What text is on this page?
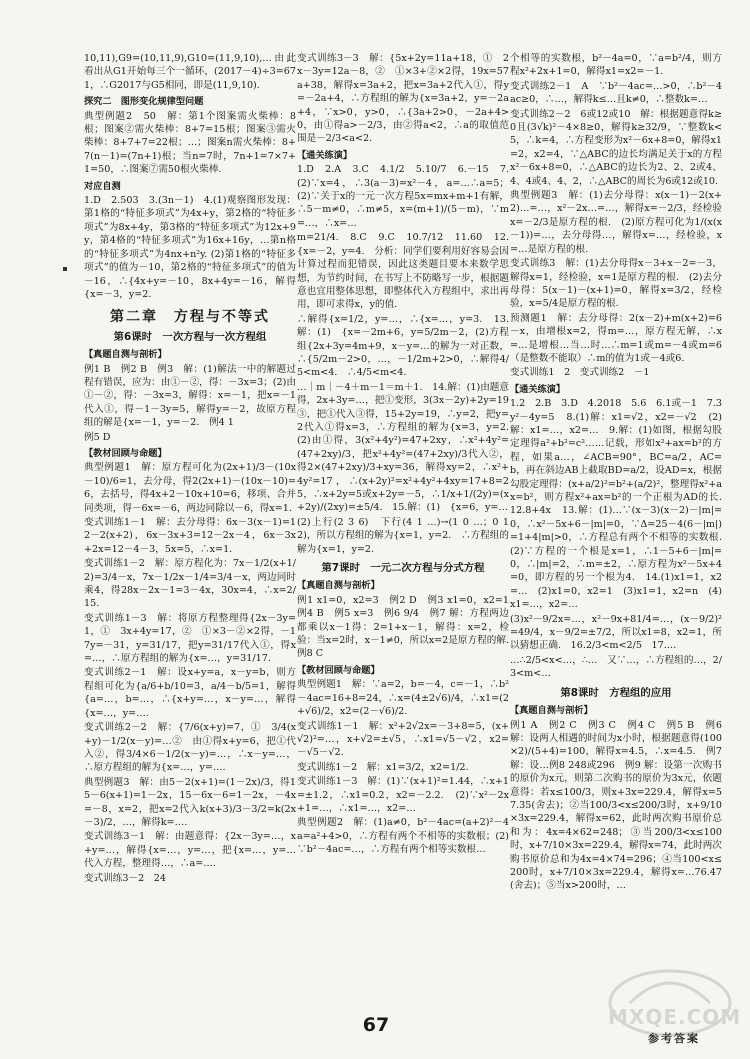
10,11),G9=(10,11,9),G10=(11,9,10),…由此看出从G1开始每三个一循环，(2017－4)÷3=671，∴G2017与G5相同，即是(11,9,10).

探究二　图形变化规律型问题

典型例题2　50　解：第1个图案需火柴棒：8根；图案②需火柴棒：8+7=15根；图案③需火柴棒：8+7+7=22根；…；图案n需火柴棒：8+7(n－1)=(7n+1)根；当n=7时，7n+1=7×7+1=50，∴图案⑦需50根火柴棒.

对应自测

1.D　2.503　3.(3n－1)　4.(1)观察图形发现：第1格的“特征多项式”为4x+y，第2格的“特征多项式”为8x+4y，第3格的“特征多项式”为12x+9y，第4格的“特征多项式”为16x+16y，…第n格的“特征多项式”为4nx+n²y. (2)第1格的“特征多项式”的值为－10，第2格的“特征多项式”的值为－16，∴{4x+y=－10，8x+4y=－16，解得{x=－3，y=2.

第二章　方程与不等式

第6课时　一次方程与一次方程组

【真题自测与剖析】

例1 B　例2 B　例3　解：(1)解法一中的解题过程有错误，应为：由①－②，得：－3x=3；(2)由①－②，得：－3x=3，解得：x=－1，把x=－1代入①，得－1－3y=5，解得y=－2，故原方程组的解是{x=－1，y=－2.　例4 1

例5 D

【教材回顾与命题】

典型例题1　解：原方程可化为(2x+1)/3－(10x－10)/6=1，去分母，得2(2x+1)－(10x－10)=6，去括号，得4x+2－10x+10=6，移项、合并同类项，得－6x=－6，两边同除以－6，得x=1.

变式训练1－1　解：去分母得：6x－3(x－1)=12－2(x+2)，6x－3x+3=12－2x－4，6x－3x+2x=12－4－3，5x=5，∴x=1.

变式训练1－2　解：原方程化为：7x－1/2(x+1/2)=3/4－x，7x－1/2x－1/4=3/4－x，两边同时乘4，得28x－2x－1=3－4x，30x=4，∴x=2/15.

变式训练1－3　解：将原方程整理得{2x－3y=1，①　3x+4y=17，②　①×3－②×2得，－17y=－31，y=31/17，把y=31/17代入①，得x=…，∴原方程组的解为{x=…，y=31/17.

变式训练2－1　解：设x+y=a，x－y=b，则方程组可化为{a/6+b/10=3，a/4－b/5=1，解得{a=…，b=…，∴{x+y=…，x－y=…，解得{x=…，y=….

变式训练2－2　解：{7/6(x+y)=7，①　3/4(x+y)－1/2(x－y)=…②　由①得x+y=6，把①代入②，得3/4×6－1/2(x－y)=…，∴x－y=…，∴原方程组的解为{x=…，y=….

典型例题3　解：由5－2(x+1)=(1－2x)/3，得15－6(x+1)=1－2x，15－6x－6=1－2x，－4x=－8，x=2，把x=2代入k(x+3)/3－3/2=k(2x－3)/2，…，解得k=….

变式训练3－1　解：由题意得：{2x－3y=…，x+y=…，解得{x=…，y=…，把{x=…，y=…代入方程，整理得…，∴a=….

变式训练3－2　24

变式训练3－3　解：{5x+2y=11a+18，①　2x－3y=12a－8，②　①×3+②×2得，19x=57a+38，解得x=3a+2，把x=3a+2代入①，得y=－2a+4，∴方程组的解为{x=3a+2，y=－2a+4，∵x>0，y>0，∴{3a+2>0，－2a+4>0，由①得a>－2/3，由②得a<2，∴a的取值范围是－2/3<a<2.

【通关练演】

1.D　2.A　3.C　4.1/2　5.10/7　6.－15　7.(2)∵x=4，∴3(a－3)=x²－4，a=…∴a=5；(2)∵关于x的一元一次方程5x=mx+m+1有解，∴5－m≠0，∴m≠5，x=(m+1)/(5－m)，∵m=…，∴x=…

m=21/4.　8.C　9.C　10.7/12　11.60　12.{x=－2，y=4.　分析：同学们要利用好容易会因计算过程而犯错误，因此这类题目要本来数学思想，为节约时间，在书写上不防略写一步，根据题意也宜用整体思想，即整体代入方程组中，求出再用，即可求得x，y的值.

∴解得{x=1/2，y=…，∴{x=…，y=3.　13.解：(1)　{x=－2m+6，y=5/2m－2，(2)方程组{2x+3y=4m+9，x－y=…的解为一对正数，∴{5/2m－2>0，…，－1/2m+2>0，∴解得4/5<m<4.　∴4/5<m<4.

…｜m｜－4＋m－1＝m＋1.　14.解：(1)由题意得，2x+3y=…，把①变形，3(3x－2y)+2y=19　③，把①代入③得，15+2y=19，∴y=2，把y=2代入①得x=3，∴方程组的解为{x=3，y=2.　(2)由①得，3(x²+4y²)=47+2xy，∴x²+4y²=(47+2xy)/3，把x²+4y²=(47+2xy)/3代入②，得2×(47+2xy)/3+xy=36，解得xy=2，∴x²+4y²=17，∴(x+2y)²=x²+4y²+4xy=17+8=25，∴x+2y=5或x+2y=－5，∴1/x+1/(2y)=(x+2y)/(2xy)=±5/4.　15.解：(1)　{x=6，y=…

(2)上行(2 3 6)　下行(4 1 …)→(1 0 …；0 1 2)，所以方程组的解为{x=1，y=2.　∴方程组的解为{x=1，y=2.

第7课时　一元二次方程与分式方程

【真题自测与剖析】

例1 x1=0，x2=3　例2 D　例3 x1=0，x2=1　例4 B　例5 x=3　例6 9/4　例7 解：方程两边都乘以x－1得：2=1+x－1，解得：x=2，检验：当x=2时，x－1≠0，所以x=2是原方程的解.　例8 C

【教材回顾与命题】

典型例题1　解：∵a=2，b=－4，c=－1，∴b²－4ac=16+8=24，∴x=(4±2√6)/4，∴x1=(2+√6)/2，x2=(2－√6)/2.

变式训练1－1　解：x²+2√2x=－3+8=5，(x+√2)²=…，x+√2=±√5，∴x1=√5－√2，x2=－√5－√2.

变式训练1－2　解：x1=3/2，x2=1/2.

变式训练1－3　解：(1)∵(x+1)²=1.44，∴x+1=±1.2，∴x1=0.2，x2=－2.2.　(2)∵x²－2x+1=…，∴x1=…，x2=…

典型例题2　解：(1)a≠0，b²－4ac=(a+2)²－4a=a²+4>0，∴方程有两个不相等的实数根；(2)∵b²－4ac=…，∴方程有两个相等实数根…

个相等的实数根，b²－4a=0，∵a=b²/4，则方程x²+2x+1=0，解得x1=x2=－1.

变式训练2－1　A　∵b²－4ac=…>0，∴b²－4ac≥0，∴…，解得k≤…且k≠0，∴整数k=…

变式训练2－2　6或12或10　解：根据题意得k≥0且(3√k)²－4×8≥0，解得k≥32/9，∵整数k<5，∴k=4，∴方程变形为x²－6x+8=0，解得x1=2，x2=4，∵△ABC的边长均满足关于x的方程x²－6x+8=0，∴△ABC的边长为2、2、2或4、4、4或4、4、2，∴△ABC的周长为6或12或10.

典型例题3　解：(1)去分母得：x(x－1)－2(x+2)…=…，x²－2x…=…，解得x=－2/3，经检验x=－2/3是原方程的根.　(2)原方程可化为1/(x(x－1))=…，去分母得…，解得x=…，经检验，x=…是原方程的根.

变式训练3　解：(1)去分母得x－3+x－2=－3，解得x=1，经检验，x=1是原方程的根.　(2)去分母得：5(x－1)－(x+1)=0，解得x=3/2，经检验，x=5/4是原方程的根.

预测题1　解：去分母得：2(x－2)+m(x+2)=6－x，由增根x=2，得m=…，原方程无解，∴x=…是增根…当…时…∴m=1或m=－4或m=6（是整数不能取）∴m的值为1或－4或6.

变式训练1　2　变式训练2　－1

【通关练演】

1.2　2.B　3.D　4.2018　5.6　6.1或－1　7.3y²－4y=5　8.(1)解：x1=√2，x2=－√2　(2)解：x1=…，x2=…　9.解：(1)如图，根据勾股定理得a²+b²=c²……记载，形如x²+ax=b²的方程，如果a…，∠ACB=90°，BC=a/2，AC=b，再在斜边AB上截取BD=a/2，设AD=x，根据勾股定理得：(x+a/2)²=b²+(a/2)²，整理得x²+ax=b²，则方程x²+ax=b²的一个正根为AD的长.　12.8+4x　13.解：(1)…∵(x－3)(x－2)－|m|=0，∴x²－5x+6－|m|=0，∵Δ=25－4(6－|m|)=1+4|m|>0，∴方程总有两个不相等的实数根.　(2)∵方程的一个根是x=1，∴1－5+6－|m|=0，∴|m|=2，∴m=±2，∴原方程为x²－5x+4=0，即方程的另一个根为4.　14.(1)x1=1，x2=…　(2)x1=0，x2=1　(3)x1=1，x2=n　(4)x1=…，x2=…

(3)x²－9/2x=…，x²－9x+81/4=…，(x－9/2)²=49/4，x－9/2=±7/2，所以x1=8，x2=1，所以猜想正确.　16.2/3<m<2/5　17.…

…∴2/5<x<…，∴…　又∵…，∴方程组的…，2/3<m<…

第8课时　方程组的应用

【真题自测与剖析】

例1 A　例2 C　例3 C　例4 C　例5 B　例6 解：设两人相遇的时间为x小时，根据题意得(100×2)/(5+4)=100，解得x=4.5，∴x=4.5.　例7 解：设…例8 248或296　例9 解：设第一次购书的原价为x元，则第二次购书的原价为3x元，依题意得：若x≤100/3，则x+3x=229.4，解得x=57.35(舍去)；②当100/3<x≤200/3时，x+9/10×3x=229.4，解得x=62，此时两次购书原价总和为：4x=4×62=248；③当200/3<x≤100时，x+7/10×3x=229.4，解得x=74，此时两次购书原价总和为4x=4×74=296；④当100<x≤200时，x+7/10×3x=229.4，解得x=…76.47(舍去)；⑤当x>200时，…

67
参考答案
MXQE.COM
